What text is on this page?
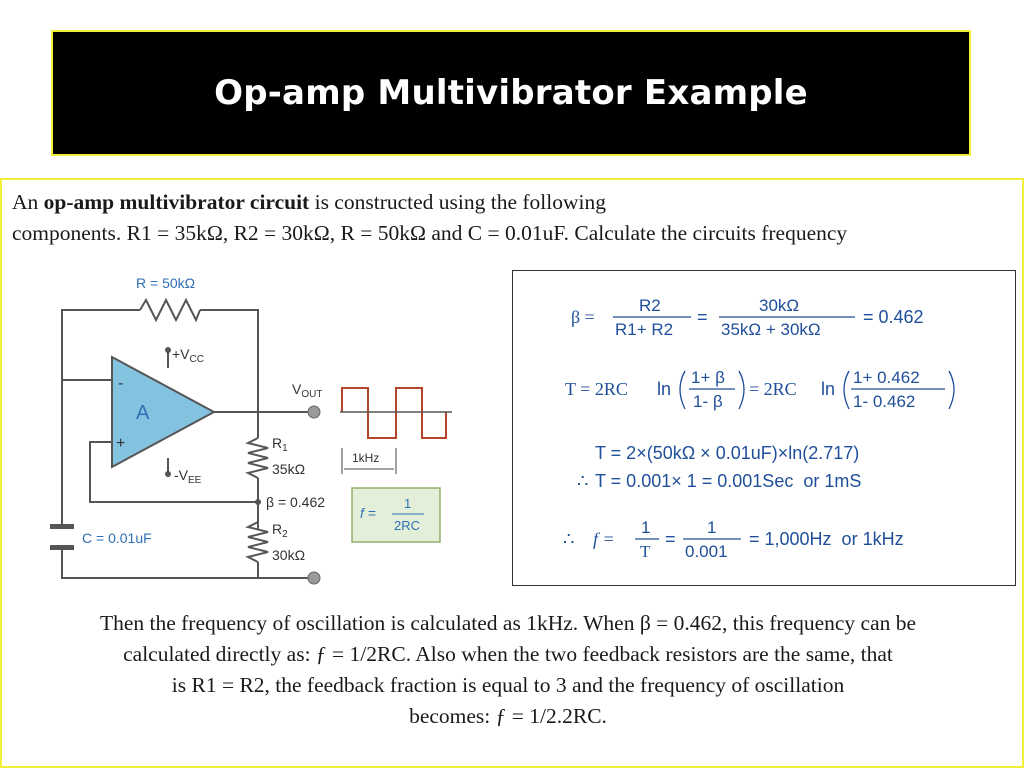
Op-amp Multivibrator Example
An op-amp multivibrator circuit is constructed using the following
components. R1 = 35kΩ, R2 = 30kΩ, R = 50kΩ and C = 0.01uF. Calculate the circuits frequency
R = 50kΩ
A
-
+
$+V_{CC}$
$-V_{EE}$
$V_{OUT}$
1kHz
$R_1$
35kΩ
β = 0.462
$R_2$
30kΩ
C = 0.01uF
f =
1
2RC
β =
R2
R1+ R2
=
30kΩ
35kΩ + 30kΩ
= 0.462
T = 2RC ln
1+ β
1- β
= 2RC ln
1+ 0.462
1- 0.462
T = 2×(50kΩ × 0.01uF)×ln(2.717)
∴ T = 0.001× 1 = 0.001Sec  or 1mS
∴ f =
1
T
=
1
0.001
= 1,000Hz  or 1kHz
Then the frequency of oscillation is calculated as 1kHz. When β = 0.462, this frequency can be
calculated directly as: ƒ = 1/2RC. Also when the two feedback resistors are the same, that
is R1 = R2, the feedback fraction is equal to 3 and the frequency of oscillation
becomes: ƒ = 1/2.2RC.
